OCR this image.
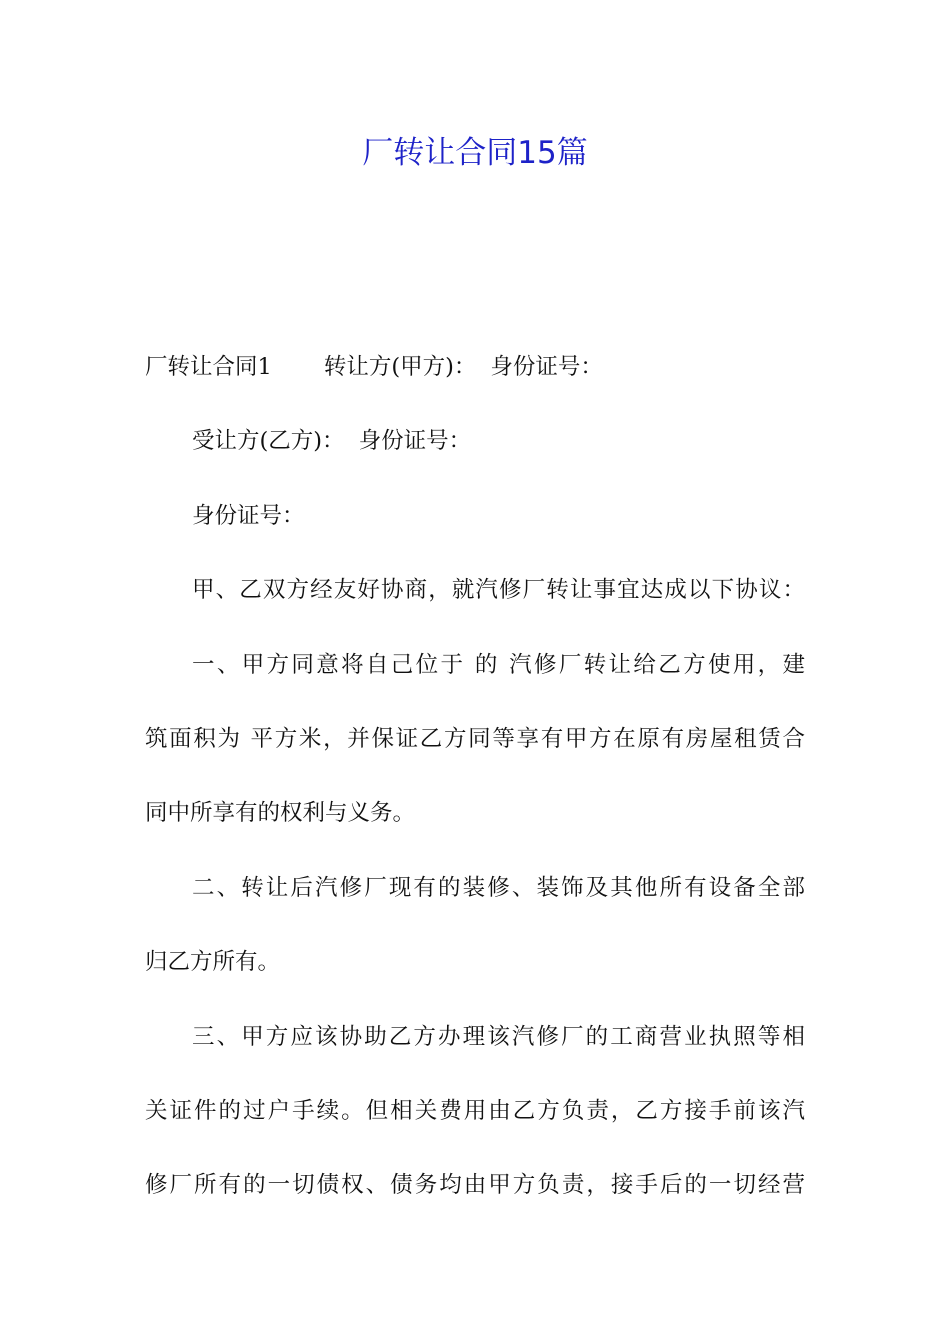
厂转让合同15篇

厂转让合同1 转让方(甲方)： 身份证号：

受让方(乙方)： 身份证号：

身份证号：

甲、乙双方经友好协商，就汽修厂转让事宜达成以下协议：

一、甲方同意将自己位于 的 汽修厂转让给乙方使用，建

筑面积为 平方米，并保证乙方同等享有甲方在原有房屋租赁合

同中所享有的权利与义务。

二、转让后汽修厂现有的装修、装饰及其他所有设备全部

归乙方所有。

三、甲方应该协助乙方办理该汽修厂的工商营业执照等相

关证件的过户手续。但相关费用由乙方负责，乙方接手前该汽

修厂所有的一切债权、债务均由甲方负责，接手后的一切经营
